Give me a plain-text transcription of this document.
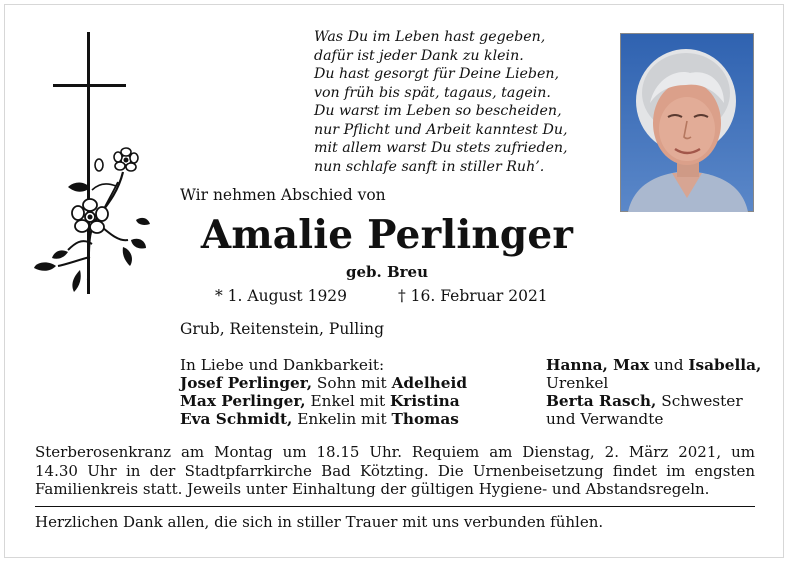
Was Du im Leben hast gegeben,
dafür ist jeder Dank zu klein.
Du hast gesorgt für Deine Lieben,
von früh bis spät, tagaus, tagein.
Du warst im Leben so bescheiden,
nur Pflicht und Arbeit kanntest Du,
mit allem warst Du stets zufrieden,
nun schlafe sanft in stiller Ruh’.
Wir nehmen Abschied von
Amalie Perlinger
geb. Breu
* 1. August 1929	† 16. Februar 2021
Grub, Reitenstein, Pulling
In Liebe und Dankbarkeit:
Josef Perlinger, Sohn mit Adelheid
Max Perlinger, Enkel mit Kristina
Eva Schmidt, Enkelin mit Thomas
Hanna, Max und Isabella,
Urenkel
Berta Rasch, Schwester
und Verwandte
Sterberosenkranz am Montag um 18.15 Uhr. Requiem am Dienstag, 2. März 2021, um
14.30 Uhr in der Stadtpfarrkirche Bad Kötzting. Die Urnenbeisetzung findet im engsten
Familienkreis statt. Jeweils unter Einhaltung der gültigen Hygiene- und Abstandsregeln.
Herzlichen Dank allen, die sich in stiller Trauer mit uns verbunden fühlen.
